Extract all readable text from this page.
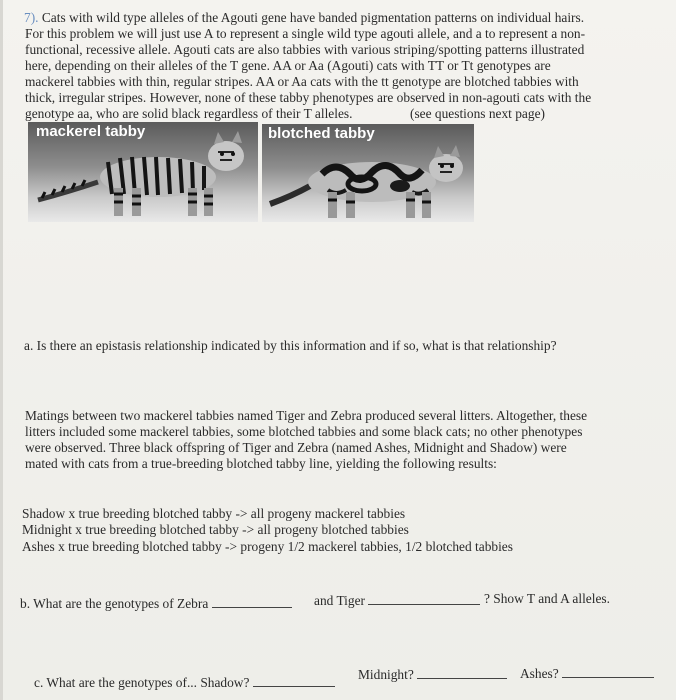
7). Cats with wild type alleles of the Agouti gene have banded pigmentation patterns on individual hairs.
For this problem we will just use A to represent a single wild type agouti allele, and a to represent a non-
functional, recessive allele. Agouti cats are also tabbies with various striping/spotting patterns illustrated
here, depending on their alleles of the T gene. AA or Aa (Agouti) cats with TT or Tt genotypes are
mackerel tabbies with thin, regular stripes. AA or Aa cats with the tt genotype are blotched tabbies with
thick, irregular stripes. However, none of these tabby phenotypes are observed in non-agouti cats with the
genotype aa, who are solid black regardless of their T alleles.	(see questions next page)
mackerel tabby	blotched tabby
a. Is there an epistasis relationship indicated by this information and if so, what is that relationship?
Matings between two mackerel tabbies named Tiger and Zebra produced several litters. Altogether, these
litters included some mackerel tabbies, some blotched tabbies and some black cats; no other phenotypes
were observed. Three black offspring of Tiger and Zebra (named Ashes, Midnight and Shadow) were
mated with cats from a true-breeding blotched tabby line, yielding the following results:
Shadow x true breeding blotched tabby -> all progeny mackerel tabbies
Midnight x true breeding blotched tabby -> all progeny blotched tabbies
Ashes x true breeding blotched tabby -> progeny 1/2 mackerel tabbies, 1/2 blotched tabbies
b. What are the genotypes of Zebra	and Tiger	? Show T and A alleles.
c. What are the genotypes of... Shadow?
Midnight?	Ashes?
